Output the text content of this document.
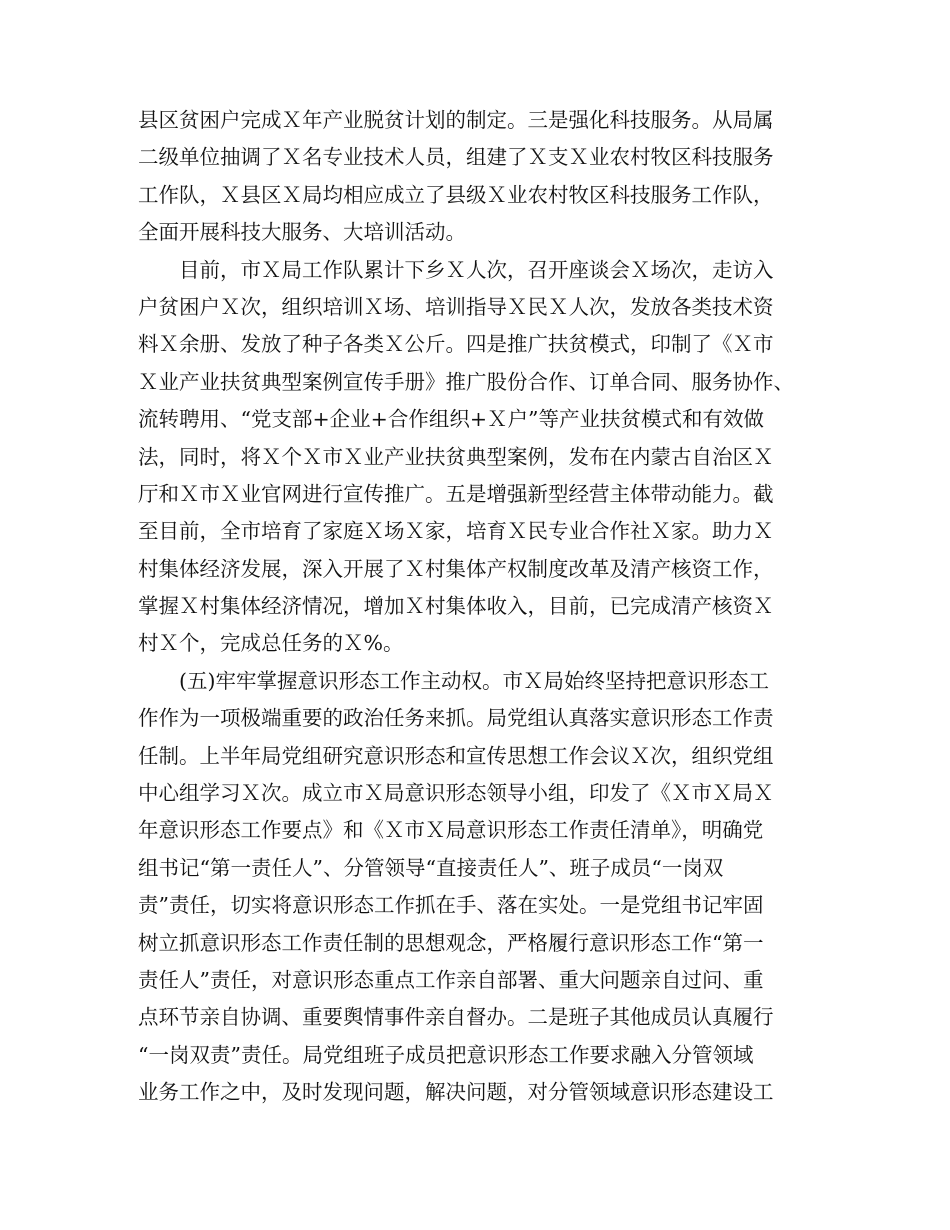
县区贫困户完成Ｘ年产业脱贫计划的制定。三是强化科技服务。从局属
二级单位抽调了Ｘ名专业技术人员，组建了Ｘ支Ｘ业农村牧区科技服务
工作队，Ｘ县区Ｘ局均相应成立了县级Ｘ业农村牧区科技服务工作队，
全面开展科技大服务、大培训活动。
目前，市Ｘ局工作队累计下乡Ｘ人次，召开座谈会Ｘ场次，走访入
户贫困户Ｘ次，组织培训Ｘ场、培训指导Ｘ民Ｘ人次，发放各类技术资
料Ｘ余册、发放了种子各类Ｘ公斤。四是推广扶贫模式，印制了《Ｘ市
Ｘ业产业扶贫典型案例宣传手册》推广股份合作、订单合同、服务协作、
流转聘用、“党支部+企业+合作组织+Ｘ户”等产业扶贫模式和有效做
法，同时，将Ｘ个Ｘ市Ｘ业产业扶贫典型案例，发布在内蒙古自治区Ｘ
厅和Ｘ市Ｘ业官网进行宣传推广。五是增强新型经营主体带动能力。截
至目前，全市培育了家庭Ｘ场Ｘ家，培育Ｘ民专业合作社Ｘ家。助力Ｘ
村集体经济发展，深入开展了Ｘ村集体产权制度改革及清产核资工作，
掌握Ｘ村集体经济情况，增加Ｘ村集体收入，目前，已完成清产核资Ｘ
村Ｘ个，完成总任务的Ｘ%。
(五)牢牢掌握意识形态工作主动权。市Ｘ局始终坚持把意识形态工
作作为一项极端重要的政治任务来抓。局党组认真落实意识形态工作责
任制。上半年局党组研究意识形态和宣传思想工作会议Ｘ次，组织党组
中心组学习Ｘ次。成立市Ｘ局意识形态领导小组，印发了《Ｘ市Ｘ局Ｘ
年意识形态工作要点》和《Ｘ市Ｘ局意识形态工作责任清单》，明确党
组书记“第一责任人”、分管领导“直接责任人”、班子成员“一岗双
责”责任，切实将意识形态工作抓在手、落在实处。一是党组书记牢固
树立抓意识形态工作责任制的思想观念，严格履行意识形态工作“第一
责任人”责任，对意识形态重点工作亲自部署、重大问题亲自过问、重
点环节亲自协调、重要舆情事件亲自督办。二是班子其他成员认真履行
“一岗双责”责任。局党组班子成员把意识形态工作要求融入分管领域
业务工作之中，及时发现问题，解决问题，对分管领域意识形态建设工
